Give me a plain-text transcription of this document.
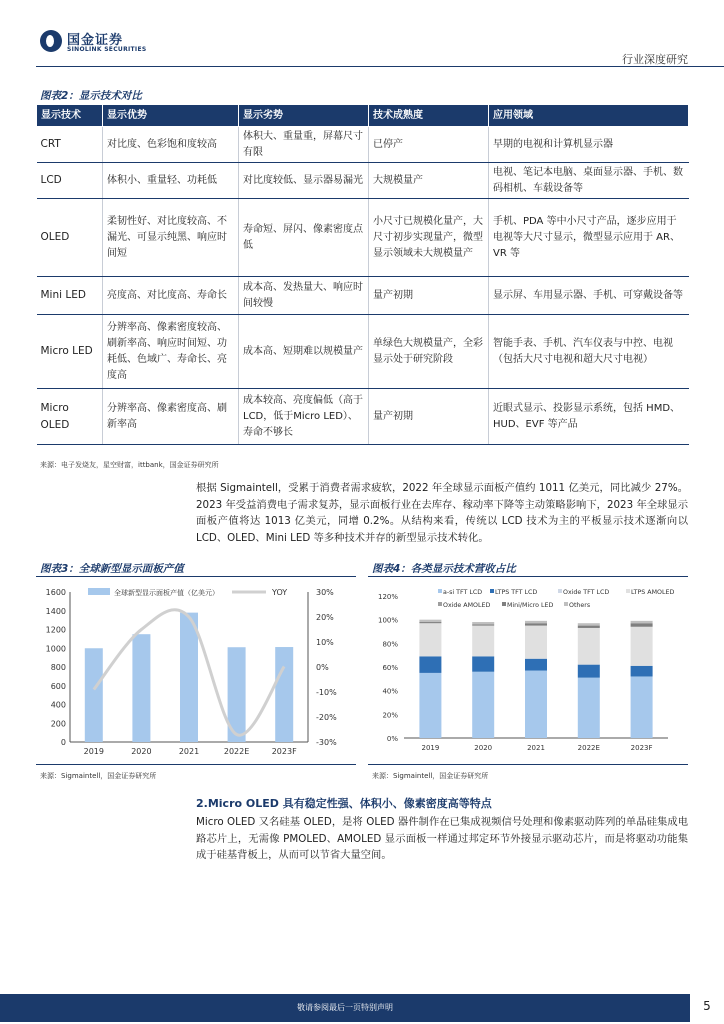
国金证券
SINOLINK SECURITIES
行业深度研究
图表2：显示技术对比
显示技术	显示优势	显示劣势	技术成熟度	应用领域
CRT	对比度、色彩饱和度较高	体积大、重量重，屏幕尺寸有限	已停产	早期的电视和计算机显示器
LCD	体积小、重量轻、功耗低	对比度较低、显示器易漏光	大规模量产	电视、笔记本电脑、桌面显示器、手机、数码相机、车载设备等
OLED	柔韧性好、对比度较高、不漏光、可显示纯黑、响应时间短	寿命短、屏闪、像素密度点低	小尺寸已规模化量产，大尺寸初步实现量产，微型显示领域未大规模量产	手机、PDA 等中小尺寸产品，逐步应用于电视等大尺寸显示，微型显示应用于 AR、VR 等
Mini LED	亮度高、对比度高、寿命长	成本高、发热量大、响应时间较慢	量产初期	显示屏、车用显示器、手机、可穿戴设备等
Micro LED	分辨率高、像素密度较高、刷新率高、响应时间短、功耗低、色域广、寿命长、亮度高	成本高、短期难以规模量产	单绿色大规模量产，全彩显示处于研究阶段	智能手表、手机、汽车仪表与中控、电视（包括大尺寸电视和超大尺寸电视）
Micro OLED	分辨率高、像素密度高、刷新率高	成本较高、亮度偏低（高于LCD，低于Micro LED）、寿命不够长	量产初期	近眼式显示、投影显示系统，包括 HMD、HUD、EVF 等产品
来源：电子发烧友，星空财富，ittbank，国金证券研究所
根据 Sigmaintell，受累于消费者需求疲软，2022 年全球显示面板产值约 1011 亿美元，同比减少 27%。2023 年受益消费电子需求复苏，显示面板行业在去库存、稼动率下降等主动策略影响下，2023 年全球显示面板产值将达 1013 亿美元，同增 0.2%。从结构来看，传统以 LCD 技术为主的平板显示技术逐渐向以 LCD、OLED、Mini LED 等多种技术并存的新型显示技术转化。
图表3：全球新型显示面板产值	图表4：各类显示技术营收占比
0
200
400
600
800
1000
1200
1400
1600
-30%
-20%
-10%
0%
10%
20%
30%
2019	2020	2021	2022E	2023F
全球新型显示面板产值（亿美元）	YOY
0%
20%
40%
60%
80%
100%
120%
2019	2020	2021	2022E	2023F
a-si TFT LCD LTPS TFT LCD	Oxide TFT LCD	LTPS AMOLED
Oxide AMOLED	Mini/Micro LED Others
来源：Sigmaintell，国金证券研究所	来源：Sigmaintell，国金证券研究所
2.Micro OLED 具有稳定性强、体积小、像素密度高等特点
Micro OLED 又名硅基 OLED，是将 OLED 器件制作在已集成视频信号处理和像素驱动阵列的单晶硅集成电路芯片上，无需像 PMOLED、AMOLED 显示面板一样通过邦定环节外接显示驱动芯片，而是将驱动功能集成于硅基背板上，从而可以节省大量空间。
敬请参阅最后一页特别声明	5
